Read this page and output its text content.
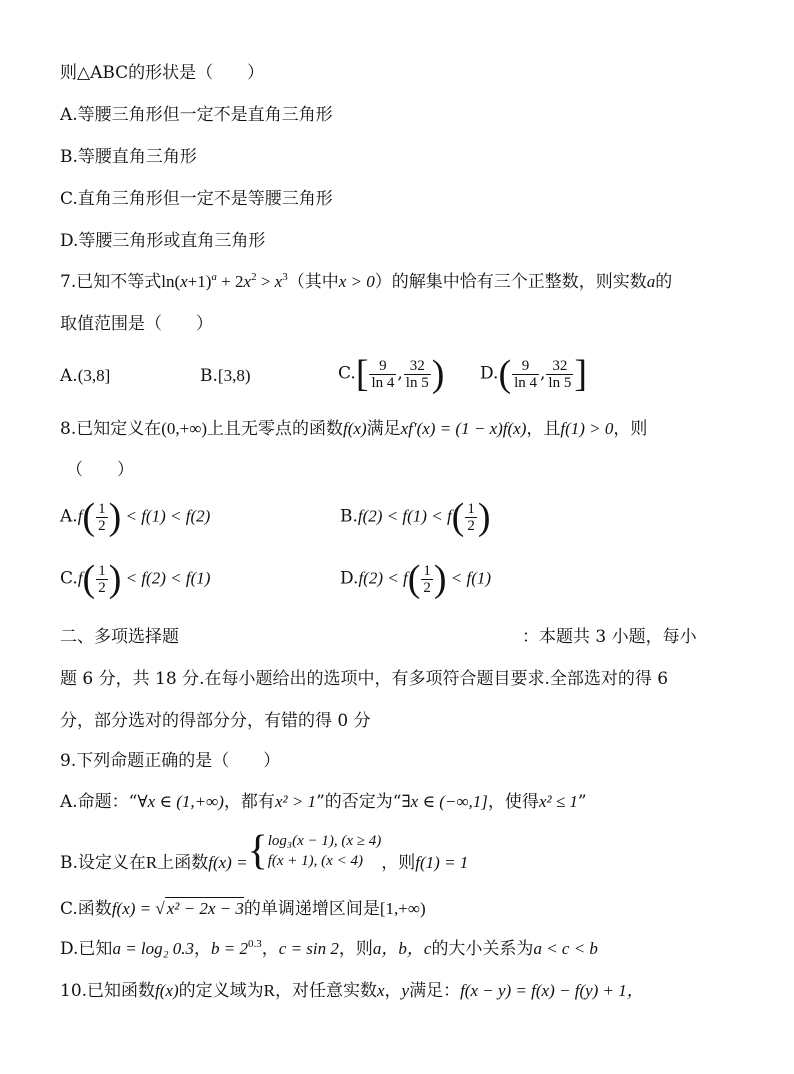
则△ABC的形状是（　　）
A.等腰三角形但一定不是直角三角形
B.等腰直角三角形
C.直角三角形但一定不是等腰三角形
D.等腰三角形或直角三角形
7.已知不等式$\ln(x+1)^a + 2x^2 > x^3$（其中x > 0）的解集中恰有三个正整数，则实数a的
取值范围是（　　）
A.(3,8]	B.[3,8)	$C.[ \frac{9}{\ln 4}$ , $\frac{32}{\ln 5}$ ) $D.( \frac{9}{\ln 4}$ , $\frac{32}{\ln 5}$ ]
8.已知定义在(0,+∞)上且无零点的函数f(x)满足xf′(x) = (1 − x)f(x)，且f(1) > 0，则
（　　）
$A.f( \frac{1}{2}$ ) < f(1) < f(2)	$B.f(2) < f(1) < f( \frac{1}{2}$ )
$C.f( \frac{1}{2}$ ) < f(2) < f(1)	$D.f(2) < f( \frac{1}{2}$ ) < f(1)
二、多项选择题	：本题共 3 小题，每小
题 6 分，共 18 分.在每小题给出的选项中，有多项符合题目要求.全部选对的得 6
分，部分选对的得部分分，有错的得 0 分
9.下列命题正确的是（　　）
A.命题：“∀x ∈ (1,+∞)，都有x² > 1”的否定为“∃x ∈ (−∞,1]，使得x² ≤ 1”
B.设定义在R上函数f(x) ={ log₃(x − 1), (x ≥ 4)
f(x + 1), (x < 4)	，则f(1) = 1
C.函数f(x) = √ x² − 2x − 3的单调递增区间是[1,+∞)
D.已知a = log₂ 0.3，$b = 2^{0.3}$，c = sin 2，则a，b，c的大小关系为a < c < b
10.已知函数f(x)的定义域为R，对任意实数x，y满足：f(x − y) = f(x) − f(y) + 1，
